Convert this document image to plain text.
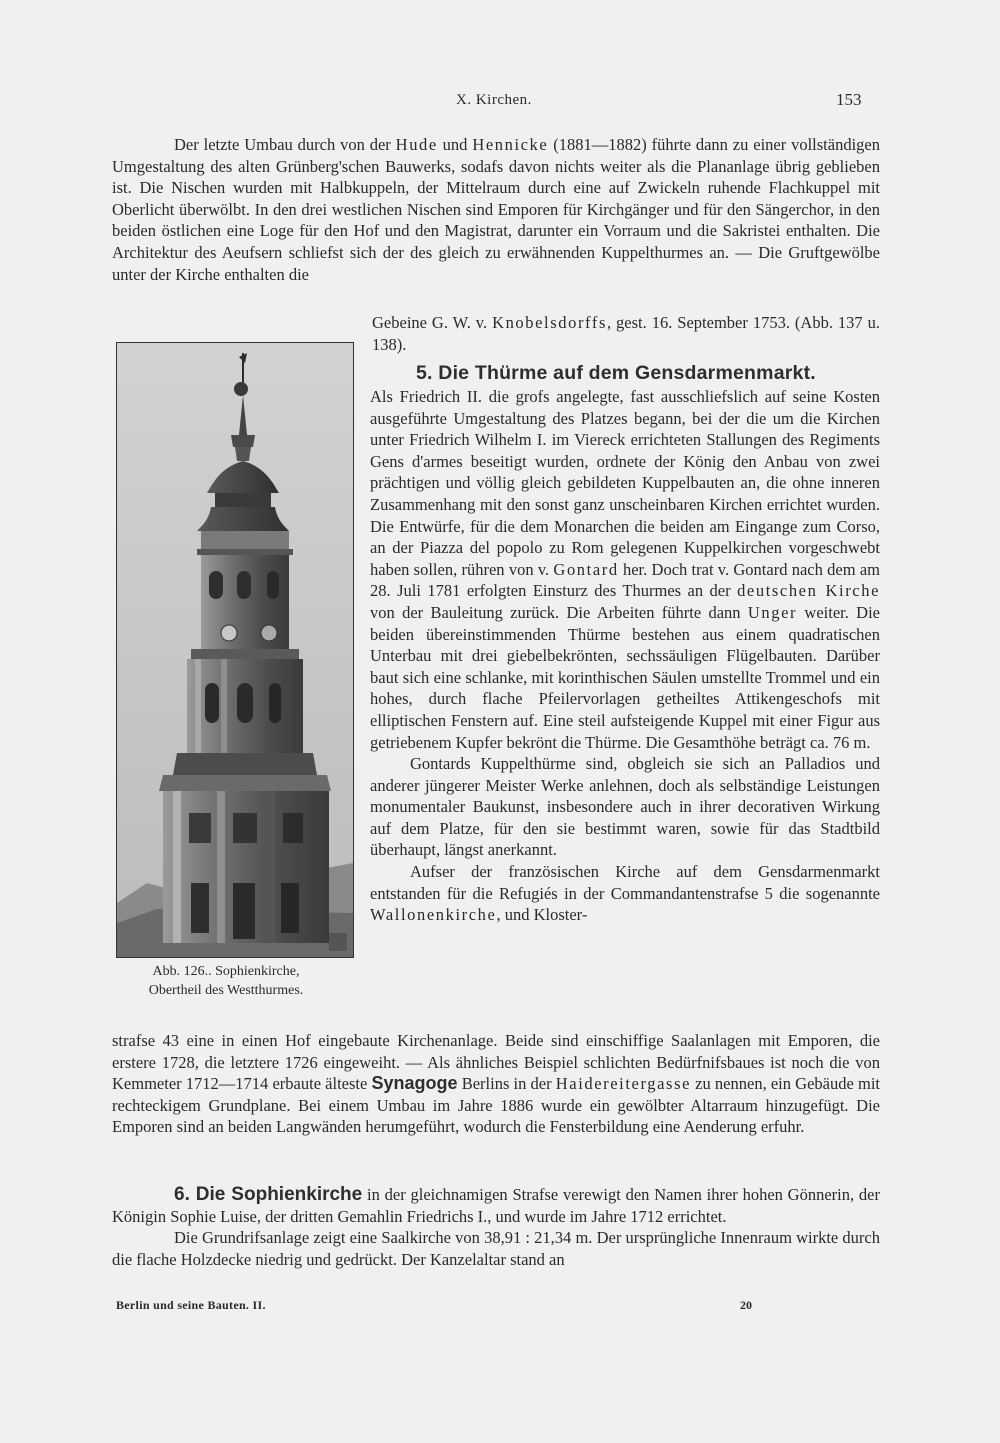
X. Kirchen.	153
Der letzte Umbau durch von der Hude und Hennicke (1881—1882) führte dann zu einer vollständigen Umgestaltung des alten Grünberg'schen Bauwerks, sodafs davon nichts weiter als die Plananlage übrig geblieben ist. Die Nischen wurden mit Halbkuppeln, der Mittelraum durch eine auf Zwickeln ruhende Flachkuppel mit Oberlicht überwölbt. In den drei westlichen Nischen sind Emporen für Kirchgänger und für den Sängerchor, in den beiden östlichen eine Loge für den Hof und den Magistrat, darunter ein Vorraum und die Sakristei enthalten. Die Architektur des Aeufsern schliefst sich der des gleich zu erwähnenden Kuppelthurmes an. — Die Gruftgewölbe unter der Kirche enthalten die
Gebeine G. W. v. Knobelsdorffs, gest. 16. September 1753. (Abb. 137 u. 138).
Abb. 126.. Sophienkirche,
Obertheil des Westthurmes.
5. Die Thürme auf dem Gensdarmenmarkt.

Als Friedrich II. die grofs angelegte, fast ausschliefslich auf seine Kosten ausgeführte Umgestaltung des Platzes begann, bei der die um die Kirchen unter Friedrich Wilhelm I. im Viereck errichteten Stallungen des Regiments Gens d'armes beseitigt wurden, ordnete der König den Anbau von zwei prächtigen und völlig gleich gebildeten Kuppelbauten an, die ohne inneren Zusammenhang mit den sonst ganz unscheinbaren Kirchen errichtet wurden. Die Entwürfe, für die dem Monarchen die beiden am Eingange zum Corso, an der Piazza del popolo zu Rom gelegenen Kuppelkirchen vorgeschwebt haben sollen, rühren von v. Gontard her. Doch trat v. Gontard nach dem am 28. Juli 1781 erfolgten Einsturz des Thurmes an der deutschen Kirche von der Bauleitung zurück. Die Arbeiten führte dann Unger weiter. Die beiden übereinstimmenden Thürme bestehen aus einem quadratischen Unterbau mit drei giebelbekrönten, sechssäuligen Flügelbauten. Darüber baut sich eine schlanke, mit korinthischen Säulen umstellte Trommel und ein hohes, durch flache Pfeilervorlagen getheiltes Attikengeschofs mit elliptischen Fenstern auf. Eine steil aufsteigende Kuppel mit einer Figur aus getriebenem Kupfer bekrönt die Thürme. Die Gesamthöhe beträgt ca. 76 m.

Gontards Kuppelthürme sind, obgleich sie sich an Palladios und anderer jüngerer Meister Werke anlehnen, doch als selbständige Leistungen monumentaler Baukunst, insbesondere auch in ihrer decorativen Wirkung auf dem Platze, für den sie bestimmt waren, sowie für das Stadtbild überhaupt, längst anerkannt.

Aufser der französischen Kirche auf dem Gensdarmenmarkt entstanden für die Refugiés in der Commandantenstrafse 5 die sogenannte Wallonenkirche, und Kloster-

strafse 43 eine in einen Hof eingebaute Kirchenanlage. Beide sind einschiffige Saalanlagen mit Emporen, die erstere 1728, die letztere 1726 eingeweiht. — Als ähnliches Beispiel schlichten Bedürfnifsbaues ist noch die von Kemmeter 1712—1714 erbaute älteste Synagoge Berlins in der Haidereitergasse zu nennen, ein Gebäude mit rechteckigem Grundplane. Bei einem Umbau im Jahre 1886 wurde ein gewölbter Altarraum hinzugefügt. Die Emporen sind an beiden Langwänden herumgeführt, wodurch die Fensterbildung eine Aenderung erfuhr.

6. Die Sophienkirche in der gleichnamigen Strafse verewigt den Namen ihrer hohen Gönnerin, der Königin Sophie Luise, der dritten Gemahlin Friedrichs I., und wurde im Jahre 1712 errichtet.

Die Grundrifsanlage zeigt eine Saalkirche von 38,91 : 21,34 m. Der ursprüngliche Innenraum wirkte durch die flache Holzdecke niedrig und gedrückt. Der Kanzelaltar stand an

Berlin und seine Bauten. II.	20
